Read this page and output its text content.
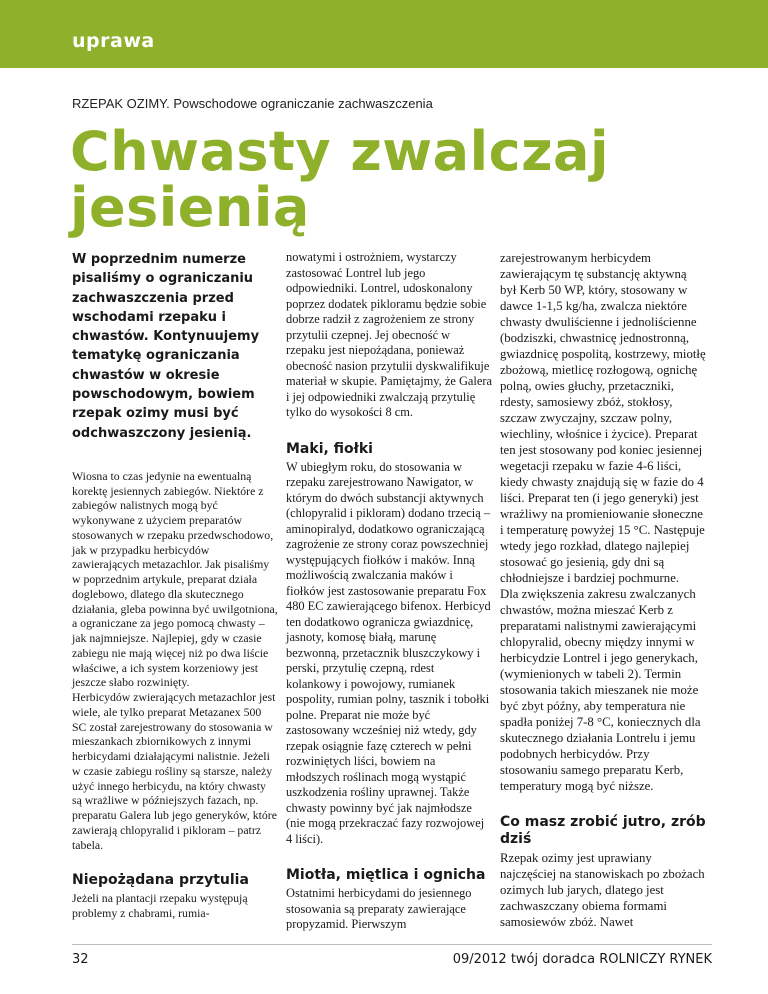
uprawa
RZEPAK OZIMY. Powschodowe ograniczanie zachwaszczenia
Chwasty zwalczaj jesienią

W poprzednim numerze pisaliśmy o ograniczaniu zachwaszczenia przed wschodami rzepaku i chwastów. Kontynuujemy tematykę ograniczania chwastów w okresie powschodowym, bowiem rzepak ozimy musi być odchwaszczony jesienią.

Wiosna to czas jedynie na ewentualną korektę jesiennych zabiegów. Niektóre z zabiegów nalistnych mogą być wykonywane z użyciem preparatów stosowanych w rzepaku przedwschodowo, jak w przypadku herbicydów zawierających metazachlor. Jak pisaliśmy w poprzednim artykule, preparat działa doglebowo, dlatego dla skutecznego działania, gleba powinna być uwilgotniona, a ograniczane za jego pomocą chwasty – jak najmniejsze. Najlepiej, gdy w czasie zabiegu nie mają więcej niż po dwa liście właściwe, a ich system korzeniowy jest jeszcze słabo rozwinięty.

Herbicydów zwierających metazachlor jest wiele, ale tylko preparat Metazanex 500 SC został zarejestrowany do stosowania w mieszankach zbiornikowych z innymi herbicydami działającymi nalistnie. Jeżeli w czasie zabiegu rośliny są starsze, należy użyć innego herbicydu, na który chwasty są wrażliwe w późniejszych fazach, np. preparatu Galera lub jego generyków, które zawierają chlopyralid i pikloram – patrz tabela.

Niepożądana przytulia

Jeżeli na plantacji rzepaku występują problemy z chabrami, rumia-

nowatymi i ostrożniem, wystarczy zastosować Lontrel lub jego odpowiedniki. Lontrel, udoskonalony poprzez dodatek pikloramu będzie sobie dobrze radził z zagrożeniem ze strony przytulii czepnej. Jej obecność w rzepaku jest niepożądana, ponieważ obecność nasion przytulii dyskwalifikuje materiał w skupie. Pamiętajmy, że Galera i jej odpowiedniki zwalczają przytulię tylko do wysokości 8 cm.

Maki, fiołki

W ubiegłym roku, do stosowania w rzepaku zarejestrowano Nawigator, w którym do dwóch substancji aktywnych (chlopyralid i pikloram) dodano trzecią – aminopiralyd, dodatkowo ograniczającą zagrożenie ze strony coraz powszechniej występujących fiołków i maków. Inną możliwością zwalczania maków i fiołków jest zastosowanie preparatu Fox 480 EC zawierającego bifenox. Herbicyd ten dodatkowo ogranicza gwiazdnicę, jasnoty, komosę białą, marunę bezwonną, przetacznik bluszczykowy i perski, przytulię czepną, rdest kolankowy i powojowy, rumianek pospolity, rumian polny, tasznik i tobołki polne. Preparat nie może być zastosowany wcześniej niż wtedy, gdy rzepak osiągnie fazę czterech w pełni rozwiniętych liści, bowiem na młodszych roślinach mogą wystąpić uszkodzenia rośliny uprawnej. Także chwasty powinny być jak najmłodsze (nie mogą przekraczać fazy rozwojowej 4 liści).

Miotła, miętlica i ognicha

Ostatnimi herbicydami do jesiennego stosowania są preparaty zawierające propyzamid. Pierwszym

zarejestrowanym herbicydem zawierającym tę substancję aktywną był Kerb 50 WP, który, stosowany w dawce 1-1,5 kg/ha, zwalcza niektóre chwasty dwuliścienne i jednoliścienne (bodziszki, chwastnicę jednostronną, gwiazdnicę pospolitą, kostrzewy, miotłę zbożową, mietlicę rozłogową, ognichę polną, owies głuchy, przetaczniki, rdesty, samosiewy zbóż, stokłosy, szczaw zwyczajny, szczaw polny, wiechliny, włośnice i życice). Preparat ten jest stosowany pod koniec jesiennej wegetacji rzepaku w fazie 4-6 liści, kiedy chwasty znajdują się w fazie do 4 liści. Preparat ten (i jego generyki) jest wrażliwy na promieniowanie słoneczne i temperaturę powyżej 15 °C. Następuje wtedy jego rozkład, dlatego najlepiej stosować go jesienią, gdy dni są chłodniejsze i bardziej pochmurne.

Dla zwiększenia zakresu zwalczanych chwastów, można mieszać Kerb z preparatami nalistnymi zawierającymi chlopyralid, obecny między innymi w herbicydzie Lontrel i jego generykach, (wymienionych w tabeli 2). Termin stosowania takich mieszanek nie może być zbyt późny, aby temperatura nie spadła poniżej 7-8 °C, koniecznych dla skutecznego działania Lontrelu i jemu podobnych herbicydów. Przy stosowaniu samego preparatu Kerb, temperatury mogą być niższe.

Co masz zrobić jutro, zrób dziś

Rzepak ozimy jest uprawiany najczęściej na stanowiskach po zbożach ozimych lub jarych, dlatego jest zachwaszczany obiema formami samosiewów zbóż. Nawet

32	09/2012 twój doradca ROLNICZY RYNEK
